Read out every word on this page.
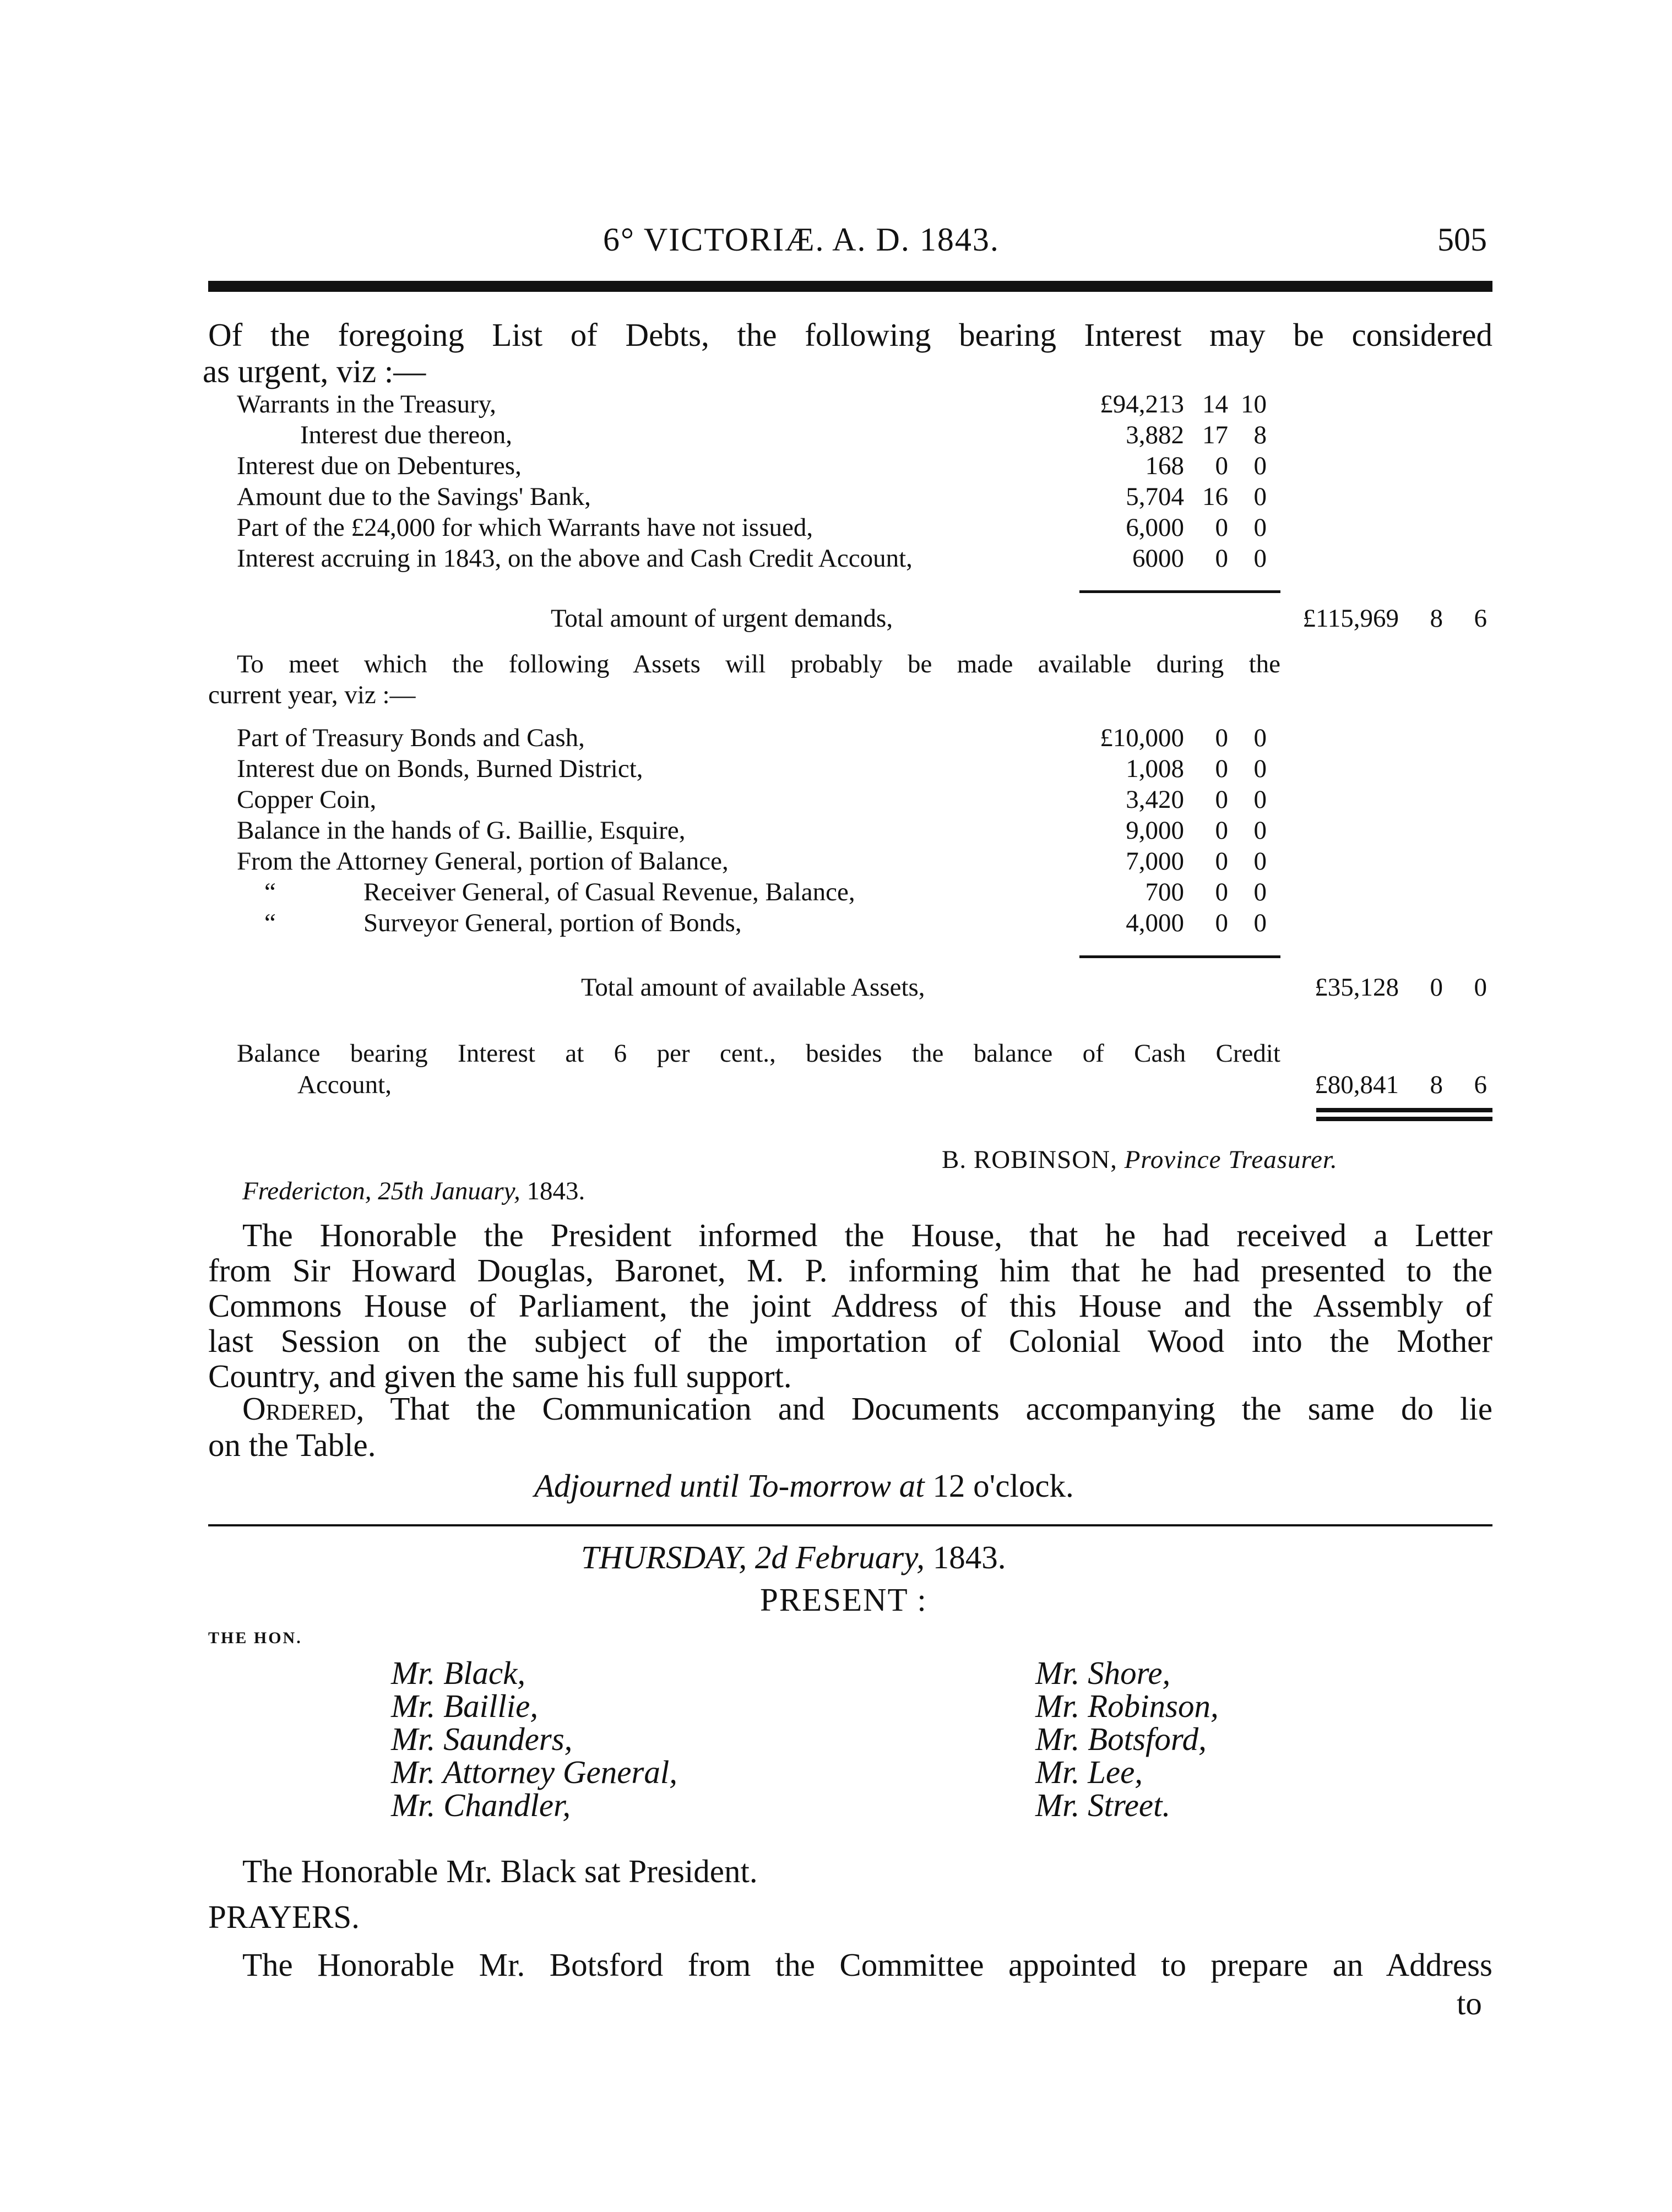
6° VICTORIÆ. A. D. 1843.	505
Of the foregoing List of Debts, the following bearing Interest may be considered
as urgent, viz :—
Warrants in the Treasury,	£94,213 14 10
Interest due thereon,	3,882 17 8
Interest due on Debentures,	168	0 0
Amount due to the Savings' Bank,	5,704 16 0
Part of the £24,000 for which Warrants have not issued,	6,000	0 0
Interest accruing in 1843, on the above and Cash Credit Account,	6000	0 0
Total amount of urgent demands,	£115,969	8	6
To meet which the following Assets will probably be made available during the
current year, viz :—
Part of Treasury Bonds and Cash,	£10,000	0 0
Interest due on Bonds, Burned District,	1,008	0 0
Copper Coin,	3,420	0 0
Balance in the hands of G. Baillie, Esquire,	9,000	0 0
From the Attorney General, portion of Balance,	7,000	0 0
“	Receiver General, of Casual Revenue, Balance,	700	0 0
“	Surveyor General, portion of Bonds,	4,000	0 0
Total amount of available Assets,	£35,128	0	0
Balance bearing Interest at 6 per cent., besides the balance of Cash Credit
Account,	£80,841	8	6
B. ROBINSON, Province Treasurer.
Fredericton, 25th January, 1843.
The Honorable the President informed the House, that he had received a Letter
from Sir Howard Douglas, Baronet, M. P. informing him that he had presented to the
Commons House of Parliament, the joint Address of this House and the Assembly of
last Session on the subject of the importation of Colonial Wood into the Mother
Country, and given the same his full support.
Ordered, That the Communication and Documents accompanying the same do lie
on the Table.
Adjourned until To-morrow at 12 o'clock.
THURSDAY, 2d February, 1843.
PRESENT :
THE HON.
Mr. Black,
Mr. Baillie,
Mr. Saunders,
Mr. Attorney General,
Mr. Chandler,
Mr. Shore,
Mr. Robinson,
Mr. Botsford,
Mr. Lee,
Mr. Street.
The Honorable Mr. Black sat President.
PRAYERS.
The Honorable Mr. Botsford from the Committee appointed to prepare an Address
to
